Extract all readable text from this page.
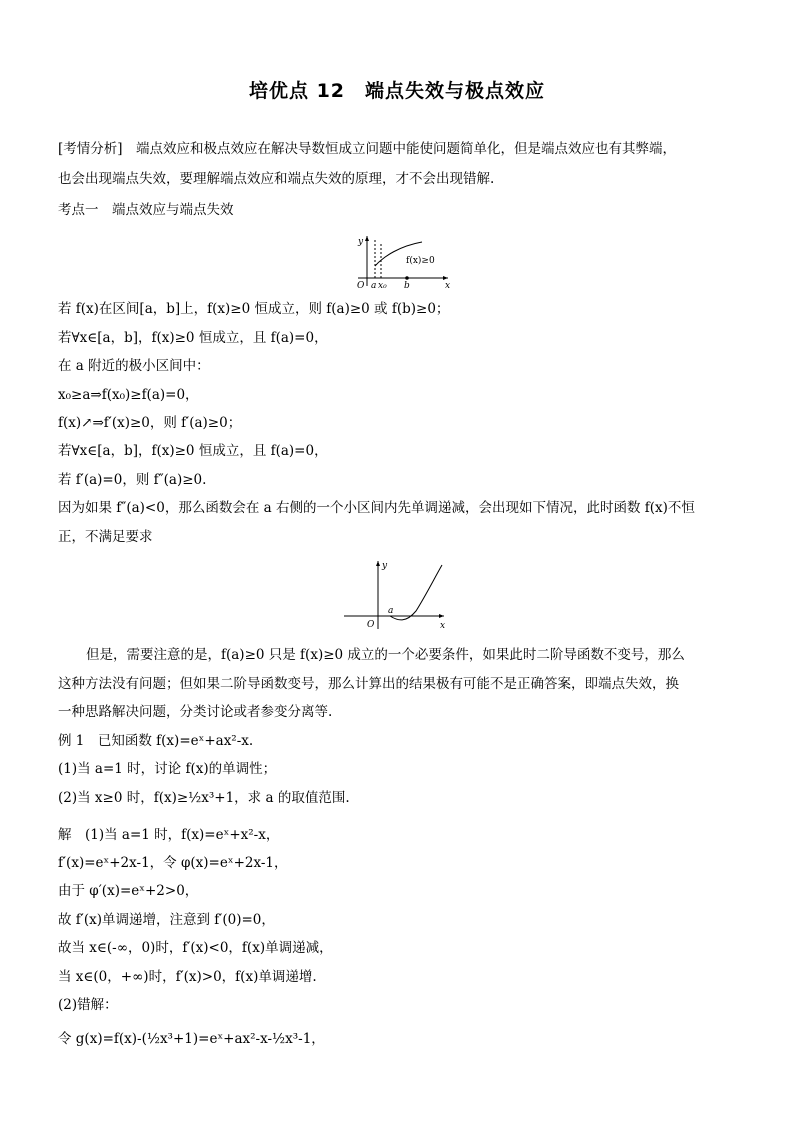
培优点 12　端点失效与极点效应
[考情分析]　端点效应和极点效应在解决导数恒成立问题中能使问题简单化，但是端点效应也有其弊端，
也会出现端点失效，要理解端点效应和端点失效的原理，才不会出现错解.
考点一　端点效应与端点失效
y
x
O a x₀ b
f(x)≥0
若 f(x)在区间[a，b]上，f(x)≥0 恒成立，则 f(a)≥0 或 f(b)≥0；
若∀x∈[a，b]，f(x)≥0 恒成立，且 f(a)=0，
在 a 附近的极小区间中：
x₀≥a⇒f(x₀)≥f(a)=0，
f(x)↗⇒f′(x)≥0，则 f′(a)≥0；
若∀x∈[a，b]，f(x)≥0 恒成立，且 f(a)=0，
若 f′(a)=0，则 f″(a)≥0.
因为如果 f″(a)<0，那么函数会在 a 右侧的一个小区间内先单调递减，会出现如下情况，此时函数 f(x)不恒
正，不满足要求
y
x
O
a
但是，需要注意的是，f(a)≥0 只是 f(x)≥0 成立的一个必要条件，如果此时二阶导函数不变号，那么
这种方法没有问题；但如果二阶导函数变号，那么计算出的结果极有可能不是正确答案，即端点失效，换
一种思路解决问题，分类讨论或者参变分离等.
例 1　已知函数 f(x)=eˣ+ax²-x.
(1)当 a=1 时，讨论 f(x)的单调性；
(2)当 x≥0 时，f(x)≥½x³+1，求 a 的取值范围.
解　(1)当 a=1 时，f(x)=eˣ+x²-x，
f′(x)=eˣ+2x-1，令 φ(x)=eˣ+2x-1，
由于 φ′(x)=eˣ+2>0，
故 f′(x)单调递增，注意到 f′(0)=0，
故当 x∈(-∞，0)时，f′(x)<0，f(x)单调递减，
当 x∈(0，+∞)时，f′(x)>0，f(x)单调递增.
(2)错解：
令 g(x)=f(x)-(½x³+1)=eˣ+ax²-x-½x³-1，
